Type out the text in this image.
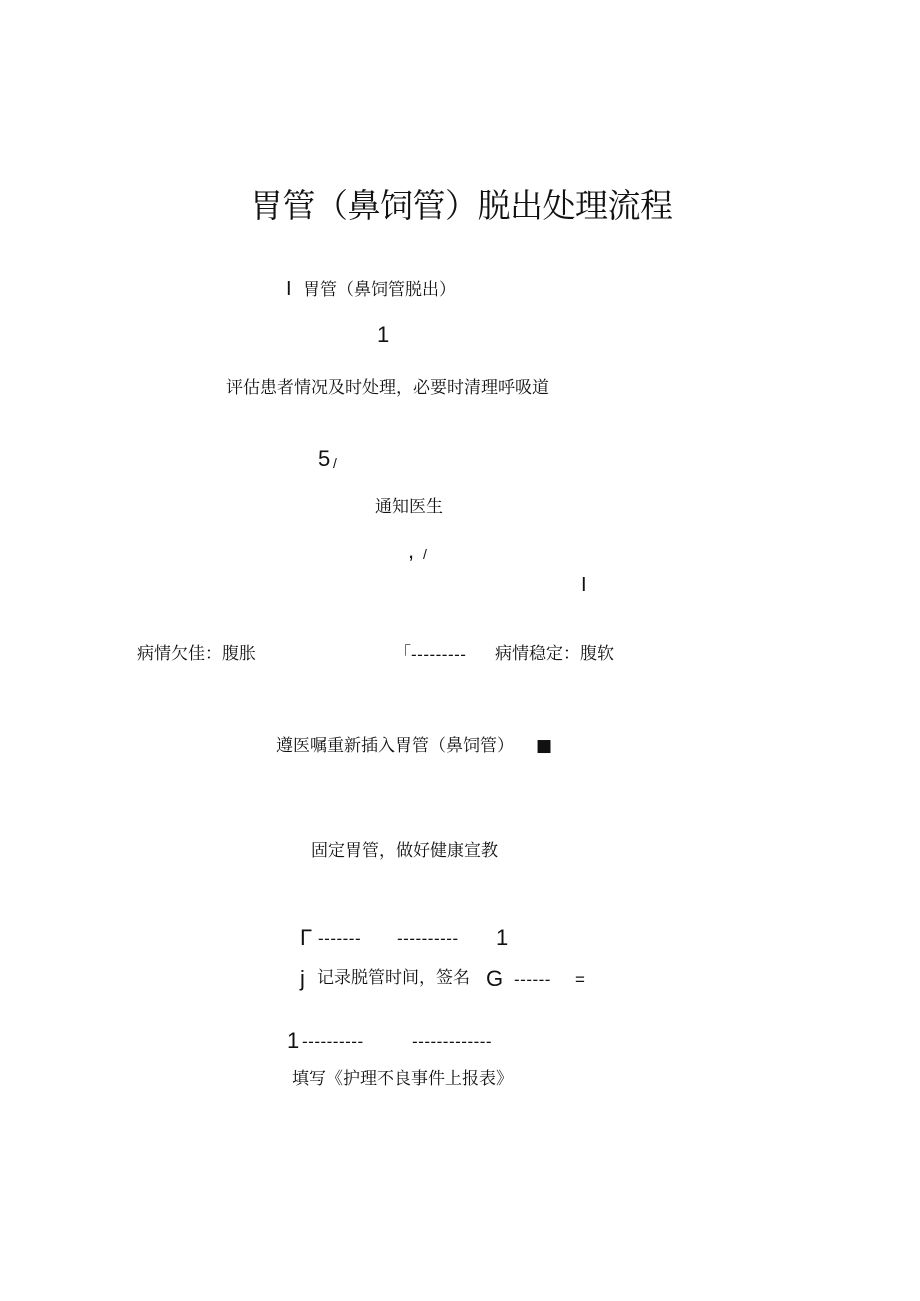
胃管（鼻饲管）脱出处理流程
I 胃管（鼻饲管脱出）
1
评估患者情况及时处理，必要时清理呼吸道
5 /
通知医生
, /
I
病情欠佳：腹胀	「 --------- 病情稳定：腹软
遵医嘱重新插入胃管（鼻饲管） ■
固定胃管，做好健康宣教
Γ ------- ---------- 1
j 记录脱管时间，签名 G ------ =
1 ----------	-------------
填写《护理不良事件上报表》
